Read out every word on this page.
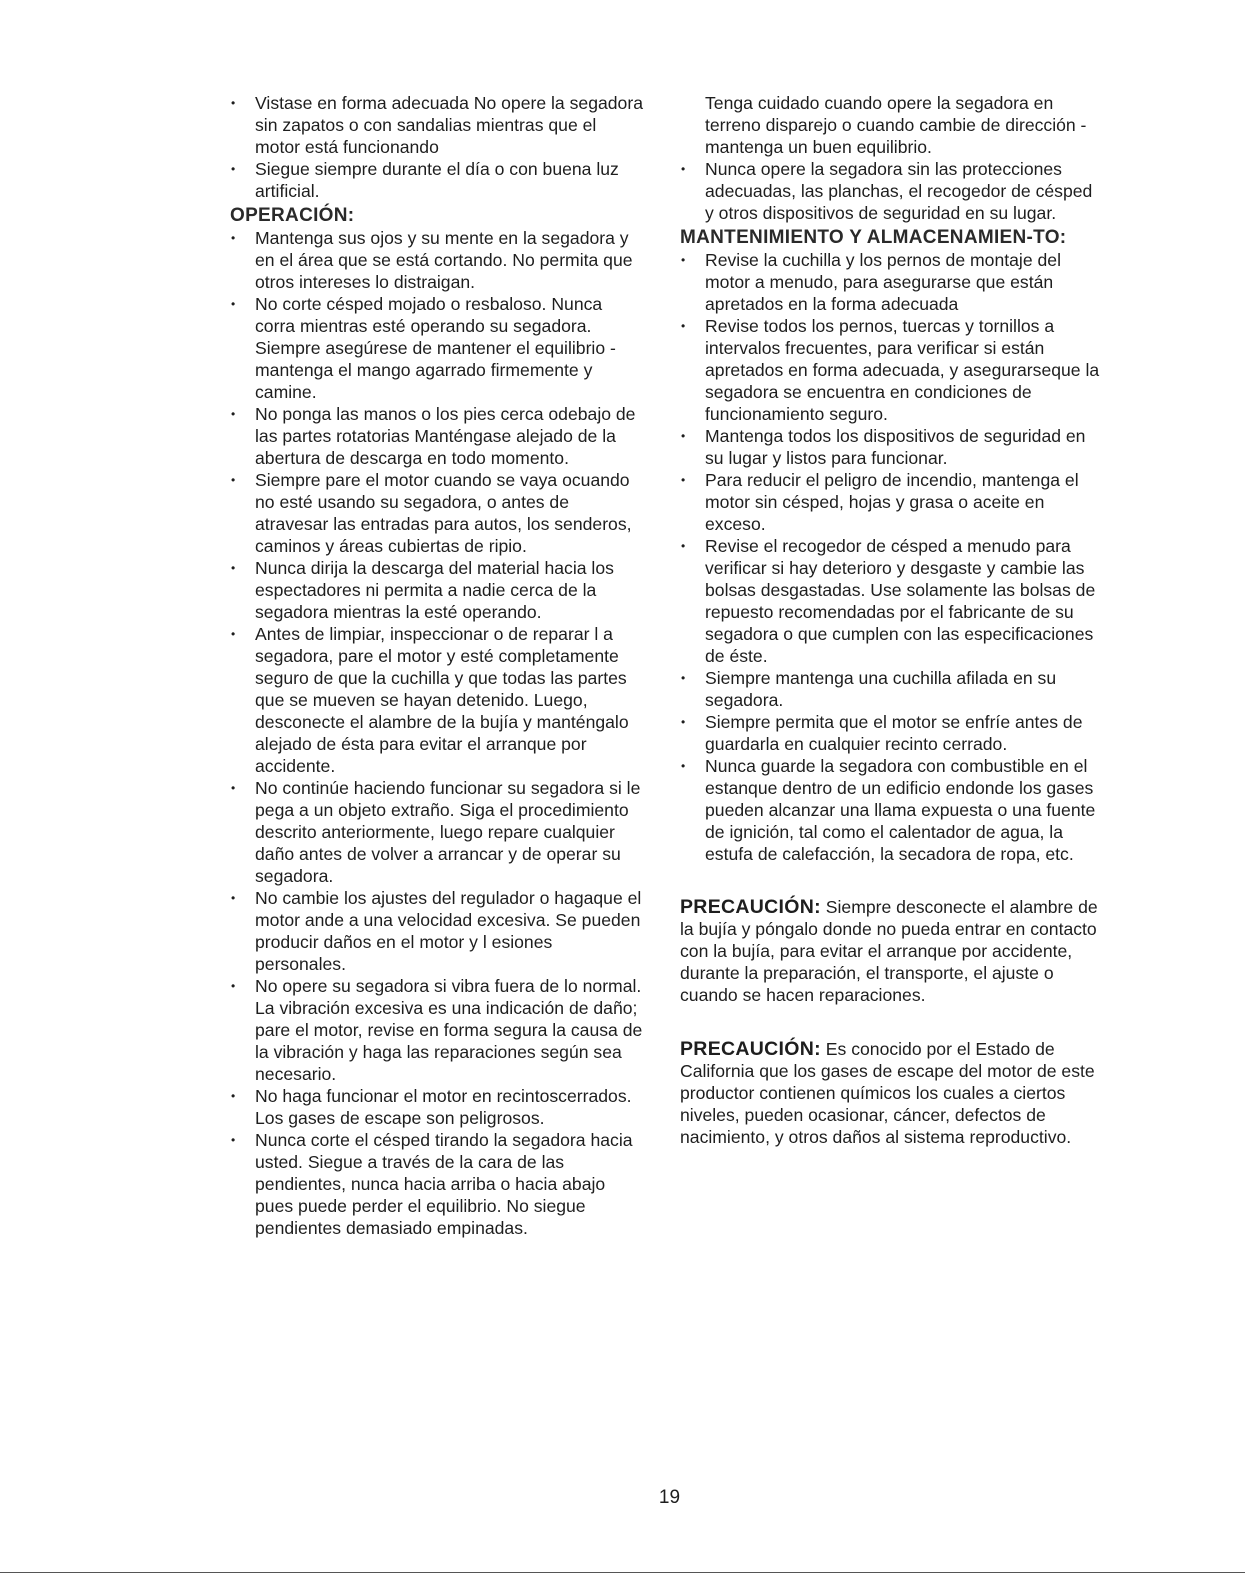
• Vistase en forma adecuada No opere la segadora sin zapatos o con sandalias mientras que el motor está funcionando
• Siegue siempre durante el día o con buena luz artificial.
OPERACIÓN:
• Mantenga sus ojos y su mente en la segadora y en el área que se está cortando. No permita que otros intereses lo distraigan.
• No corte césped mojado o resbaloso. Nunca corra mientras esté operando su segadora. Siempre asegúrese de mantener el equilibrio - mantenga el mango agarrado firmemente y camine.
• No ponga las manos o los pies cerca odebajo de las partes rotatorias Manténgase alejado de la abertura de descarga en todo momento.
• Siempre pare el motor cuando se vaya ocuando no esté usando su segadora, o antes de atravesar las entradas para autos, los senderos, caminos y áreas cubiertas de ripio.
• Nunca dirija la descarga del material hacia los espectadores ni permita a nadie cerca de la segadora mientras la esté operando.
• Antes de limpiar, inspeccionar o de reparar l a segadora, pare el motor y esté completamente seguro de que la cuchilla y que todas las partes que se mueven se hayan detenido. Luego, desconecte el alambre de la bujía y manténgalo alejado de ésta para evitar el arranque por accidente.
• No continúe haciendo funcionar su segadora si le pega a un objeto extraño. Siga el procedimiento descrito anteriormente, luego repare cualquier daño antes de volver a arrancar y de operar su segadora.
• No cambie los ajustes del regulador o hagaque el motor ande a una velocidad excesiva. Se pueden producir daños en el motor y l esiones personales.
• No opere su segadora si vibra fuera de lo normal. La vibración excesiva es una indicación de daño; pare el motor, revise en forma segura la causa de la vibración y haga las reparaciones según sea necesario.
• No haga funcionar el motor en recintoscerrados. Los gases de escape son peligrosos.
• Nunca corte el césped tirando la segadora hacia usted. Siegue a través de la cara de las pendientes, nunca hacia arriba o hacia abajo pues puede perder el equilibrio. No siegue pendientes demasiado empinadas.

Tenga cuidado cuando opere la segadora en terreno disparejo o cuando cambie de dirección - mantenga un buen equilibrio.

• Nunca opere la segadora sin las protecciones adecuadas, las planchas, el recogedor de césped y otros dispositivos de seguridad en su lugar.
MANTENIMIENTO Y ALMACENAMIEN-TO:
• Revise la cuchilla y los pernos de montaje del motor a menudo, para asegurarse que están apretados en la forma adecuada
• Revise todos los pernos, tuercas y tornillos a intervalos frecuentes, para verificar si están apretados en forma adecuada, y asegurarseque la segadora se encuentra en condiciones de funcionamiento seguro.
• Mantenga todos los dispositivos de seguridad en su lugar y listos para funcionar.
• Para reducir el peligro de incendio, mantenga el motor sin césped, hojas y grasa o aceite en exceso.
• Revise el recogedor de césped a menudo para verificar si hay deterioro y desgaste y cambie las bolsas desgastadas. Use solamente las bolsas de repuesto recomendadas por el fabricante de su segadora o que cumplen con las especificaciones de éste.
• Siempre mantenga una cuchilla afilada en su segadora.
• Siempre permita que el motor se enfríe antes de guardarla en cualquier recinto cerrado.
• Nunca guarde la segadora con combustible en el estanque dentro de un edificio endonde los gases pueden alcanzar una llama expuesta o una fuente de ignición, tal como el calentador de agua, la estufa de calefacción, la secadora de ropa, etc.

PRECAUCIÓN: Siempre desconecte el alambre de la bujía y póngalo donde no pueda entrar en contacto con la bujía, para evitar el arranque por accidente, durante la preparación, el transporte, el ajuste o cuando se hacen reparaciones.

PRECAUCIÓN: Es conocido por el Estado de California que los gases de escape del motor de este productor contienen químicos los cuales a ciertos niveles, pueden ocasionar, cáncer, defectos de nacimiento, y otros daños al sistema reproductivo.

19
